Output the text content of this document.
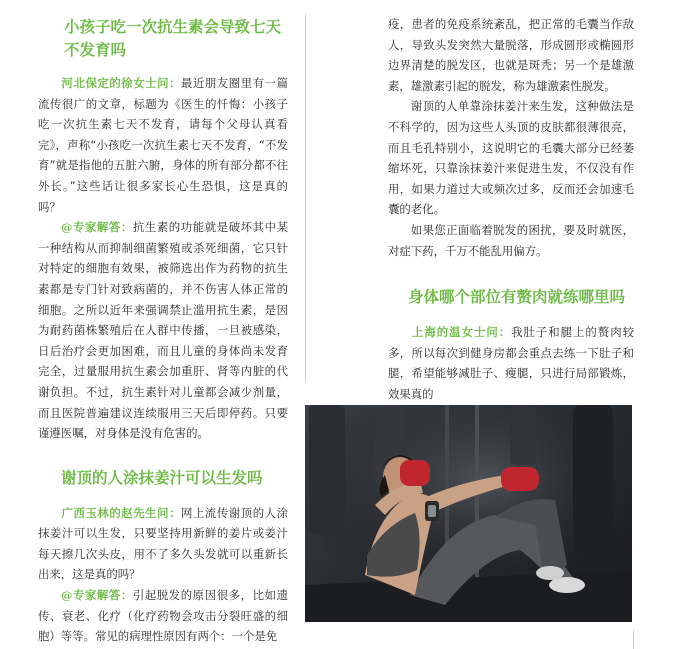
小孩子吃一次抗生素会导致七天不发育吗

河北保定的徐女士问：最近朋友圈里有一篇流传很广的文章，标题为《医生的忏悔：小孩子吃一次抗生素七天不发育，请每个父母认真看完》，声称“小孩吃一次抗生素七天不发育，“不发育”就是指他的五脏六腑，身体的所有部分都不往外长。”这些话让很多家长心生恐惧，这是真的吗？

@专家解答：抗生素的功能就是破坏其中某一种结构从而抑制细菌繁殖或杀死细菌，它只针对特定的细胞有效果，被筛选出作为药物的抗生素都是专门针对致病菌的，并不伤害人体正常的细胞。之所以近年来强调禁止滥用抗生素，是因为耐药菌株繁殖后在人群中传播，一旦被感染，日后治疗会更加困难，而且儿童的身体尚未发育完全，过量服用抗生素会加重肝、肾等内脏的代谢负担。不过，抗生素针对儿童都会减少剂量，而且医院普遍建议连续服用三天后即停药。只要谨遵医嘱，对身体是没有危害的。

谢顶的人涂抹姜汁可以生发吗

广西玉林的赵先生问：网上流传谢顶的人涂抹姜汁可以生发，只要坚持用新鲜的姜片或姜汁每天擦几次头皮，用不了多久头发就可以重新长出来，这是真的吗？

@专家解答：引起脱发的原因很多，比如遗传、衰老、化疗（化疗药物会攻击分裂旺盛的细胞）等等。常见的病理性原因有两个：一个是免

疫，患者的免疫系统紊乱，把正常的毛囊当作敌人，导致头发突然大量脱落，形成圆形或椭圆形边界清楚的脱发区，也就是斑秃；另一个是雄激素，雄激素引起的脱发，称为雄激素性脱发。

谢顶的人单靠涂抹姜汁来生发，这种做法是不科学的，因为这些人头顶的皮肤都很薄很亮，而且毛孔特别小，这说明它的毛囊大部分已经萎缩坏死，只靠涂抹姜汁来促进生发，不仅没有作用，如果力道过大或频次过多，反而还会加速毛囊的老化。

如果您正面临着脱发的困扰，要及时就医，对症下药，千万不能乱用偏方。

身体哪个部位有赘肉就练哪里吗

上海的温女士问：我肚子和腿上的赘肉较多，所以每次到健身房都会重点去练一下肚子和腿，希望能够减肚子、瘦腿，只进行局部锻炼，效果真的
